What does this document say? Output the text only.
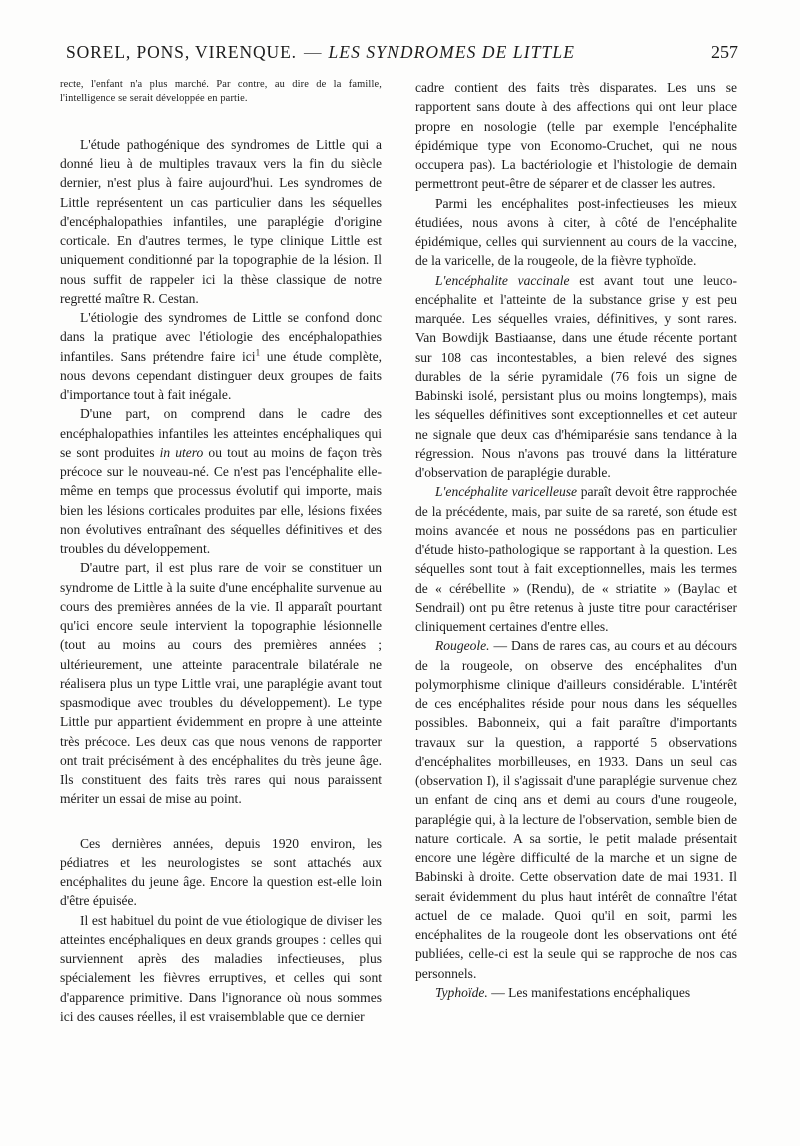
SOREL, PONS, VIRENQUE. — LES SYNDROMES DE LITTLE	257

recte, l'enfant n'a plus marché. Par contre, au dire de la famille, l'intelligence se serait développée en partie.

L'étude pathogénique des syndromes de Little qui a donné lieu à de multiples travaux vers la fin du siècle dernier, n'est plus à faire aujourd'hui. Les syndromes de Little représentent un cas particulier dans les séquelles d'encéphalopathies infantiles, une paraplégie d'origine corticale. En d'autres termes, le type clinique Little est uniquement conditionné par la topographie de la lésion. Il nous suffit de rappeler ici la thèse classique de notre regretté maître R. Cestan.

L'étiologie des syndromes de Little se confond donc dans la pratique avec l'étiologie des encéphalopathies infantiles. Sans prétendre faire ici$^1$ une étude complète, nous devons cependant distinguer deux groupes de faits d'importance tout à fait inégale.

D'une part, on comprend dans le cadre des encéphalopathies infantiles les atteintes encéphaliques qui se sont produites in utero ou tout au moins de façon très précoce sur le nouveau-né. Ce n'est pas l'encéphalite elle-même en temps que processus évolutif qui importe, mais bien les lésions corticales produites par elle, lésions fixées non évolutives entraînant des séquelles définitives et des troubles du développement.

D'autre part, il est plus rare de voir se constituer un syndrome de Little à la suite d'une encéphalite survenue au cours des premières années de la vie. Il apparaît pourtant qu'ici encore seule intervient la topographie lésionnelle (tout au moins au cours des premières années ; ultérieurement, une atteinte paracentrale bilatérale ne réalisera plus un type Little vrai, une paraplégie avant tout spasmodique avec troubles du développement). Le type Little pur appartient évidemment en propre à une atteinte très précoce. Les deux cas que nous venons de rapporter ont trait précisément à des encéphalites du très jeune âge. Ils constituent des faits très rares qui nous paraissent mériter un essai de mise au point.

Ces dernières années, depuis 1920 environ, les pédiatres et les neurologistes se sont attachés aux encéphalites du jeune âge. Encore la question est-elle loin d'être épuisée.

Il est habituel du point de vue étiologique de diviser les atteintes encéphaliques en deux grands groupes : celles qui surviennent après des maladies infectieuses, plus spécialement les fièvres erruptives, et celles qui sont d'apparence primitive. Dans l'ignorance où nous sommes ici des causes réelles, il est vraisemblable que ce dernier

cadre contient des faits très disparates. Les uns se rapportent sans doute à des affections qui ont leur place propre en nosologie (telle par exemple l'encéphalite épidémique type von Economo-Cruchet, qui ne nous occupera pas). La bactériologie et l'histologie de demain permettront peut-être de séparer et de classer les autres.

Parmi les encéphalites post-infectieuses les mieux étudiées, nous avons à citer, à côté de l'encéphalite épidémique, celles qui surviennent au cours de la vaccine, de la varicelle, de la rougeole, de la fièvre typhoïde.

L'encéphalite vaccinale est avant tout une leuco-encéphalite et l'atteinte de la substance grise y est peu marquée. Les séquelles vraies, définitives, y sont rares. Van Bowdijk Bastiaanse, dans une étude récente portant sur 108 cas incontestables, a bien relevé des signes durables de la série pyramidale (76 fois un signe de Babinski isolé, persistant plus ou moins longtemps), mais les séquelles définitives sont exceptionnelles et cet auteur ne signale que deux cas d'hémiparésie sans tendance à la régression. Nous n'avons pas trouvé dans la littérature d'observation de paraplégie durable.

L'encéphalite varicelleuse paraît devoit être rapprochée de la précédente, mais, par suite de sa rareté, son étude est moins avancée et nous ne possédons pas en particulier d'étude histo-pathologique se rapportant à la question. Les séquelles sont tout à fait exceptionnelles, mais les termes de « cérébellite » (Rendu), de « striatite » (Baylac et Sendrail) ont pu être retenus à juste titre pour caractériser cliniquement certaines d'entre elles.

Rougeole. — Dans de rares cas, au cours et au décours de la rougeole, on observe des encéphalites d'un polymorphisme clinique d'ailleurs considérable. L'intérêt de ces encéphalites réside pour nous dans les séquelles possibles. Babonneix, qui a fait paraître d'importants travaux sur la question, a rapporté 5 observations d'encéphalites morbilleuses, en 1933. Dans un seul cas (observation I), il s'agissait d'une paraplégie survenue chez un enfant de cinq ans et demi au cours d'une rougeole, paraplégie qui, à la lecture de l'observation, semble bien de nature corticale. A sa sortie, le petit malade présentait encore une légère difficulté de la marche et un signe de Babinski à droite. Cette observation date de mai 1931. Il serait évidemment du plus haut intérêt de connaître l'état actuel de ce malade. Quoi qu'il en soit, parmi les encéphalites de la rougeole dont les observations ont été publiées, celle-ci est la seule qui se rapproche de nos cas personnels.

Typhoïde. — Les manifestations encéphaliques
